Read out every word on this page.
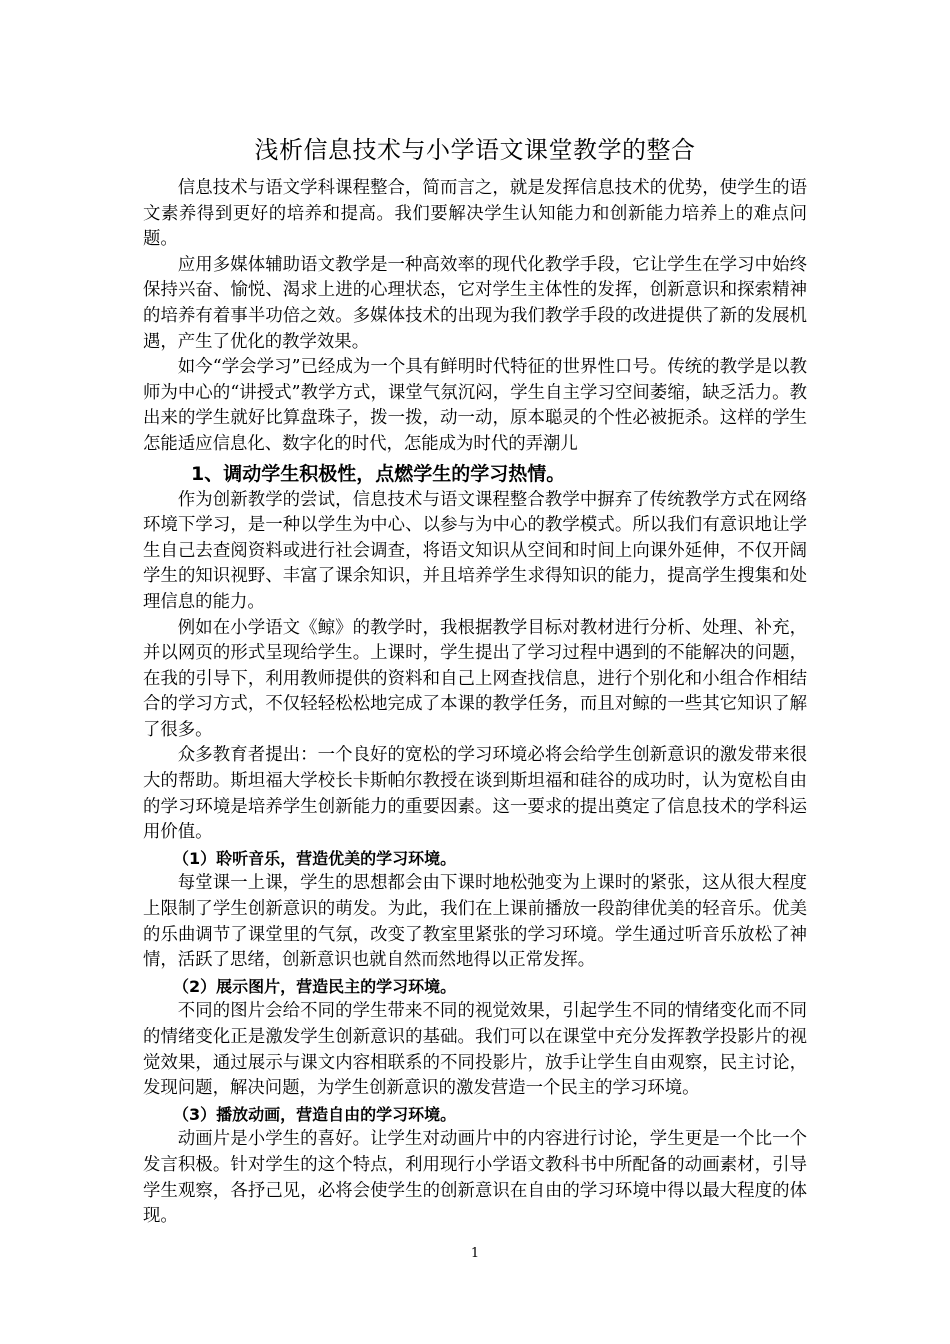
浅析信息技术与小学语文课堂教学的整合

信息技术与语文学科课程整合，简而言之，就是发挥信息技术的优势，使学生的语文素养得到更好的培养和提高。我们要解决学生认知能力和创新能力培养上的难点问题。

应用多媒体辅助语文教学是一种高效率的现代化教学手段，它让学生在学习中始终保持兴奋、愉悦、渴求上进的心理状态，它对学生主体性的发挥，创新意识和探索精神的培养有着事半功倍之效。多媒体技术的出现为我们教学手段的改进提供了新的发展机遇，产生了优化的教学效果。

如今“学会学习”已经成为一个具有鲜明时代特征的世界性口号。传统的教学是以教师为中心的“讲授式”教学方式，课堂气氛沉闷，学生自主学习空间萎缩，缺乏活力。教出来的学生就好比算盘珠子，拨一拨，动一动，原本聪灵的个性必被扼杀。这样的学生怎能适应信息化、数字化的时代，怎能成为时代的弄潮儿

1、调动学生积极性，点燃学生的学习热情。

作为创新教学的尝试，信息技术与语文课程整合教学中摒弃了传统教学方式在网络环境下学习，是一种以学生为中心、以参与为中心的教学模式。所以我们有意识地让学生自己去查阅资料或进行社会调查，将语文知识从空间和时间上向课外延伸，不仅开阔学生的知识视野、丰富了课余知识，并且培养学生求得知识的能力，提高学生搜集和处理信息的能力。

例如在小学语文《鲸》的教学时，我根据教学目标对教材进行分析、处理、补充，并以网页的形式呈现给学生。上课时，学生提出了学习过程中遇到的不能解决的问题，在我的引导下，利用教师提供的资料和自己上网查找信息，进行个别化和小组合作相结合的学习方式，不仅轻轻松松地完成了本课的教学任务，而且对鲸的一些其它知识了解了很多。

众多教育者提出：一个良好的宽松的学习环境必将会给学生创新意识的激发带来很大的帮助。斯坦福大学校长卡斯帕尔教授在谈到斯坦福和硅谷的成功时，认为宽松自由的学习环境是培养学生创新能力的重要因素。这一要求的提出奠定了信息技术的学科运用价值。

（1）聆听音乐，营造优美的学习环境。

每堂课一上课，学生的思想都会由下课时地松弛变为上课时的紧张，这从很大程度上限制了学生创新意识的萌发。为此，我们在上课前播放一段韵律优美的轻音乐。优美的乐曲调节了课堂里的气氛，改变了教室里紧张的学习环境。学生通过听音乐放松了神情，活跃了思绪，创新意识也就自然而然地得以正常发挥。

（2）展示图片，营造民主的学习环境。

不同的图片会给不同的学生带来不同的视觉效果，引起学生不同的情绪变化而不同的情绪变化正是激发学生创新意识的基础。我们可以在课堂中充分发挥教学投影片的视觉效果，通过展示与课文内容相联系的不同投影片，放手让学生自由观察，民主讨论，发现问题，解决问题，为学生创新意识的激发营造一个民主的学习环境。

（3）播放动画，营造自由的学习环境。

动画片是小学生的喜好。让学生对动画片中的内容进行讨论，学生更是一个比一个发言积极。针对学生的这个特点，利用现行小学语文教科书中所配备的动画素材，引导学生观察，各抒己见，必将会使学生的创新意识在自由的学习环境中得以最大程度的体现。

1
